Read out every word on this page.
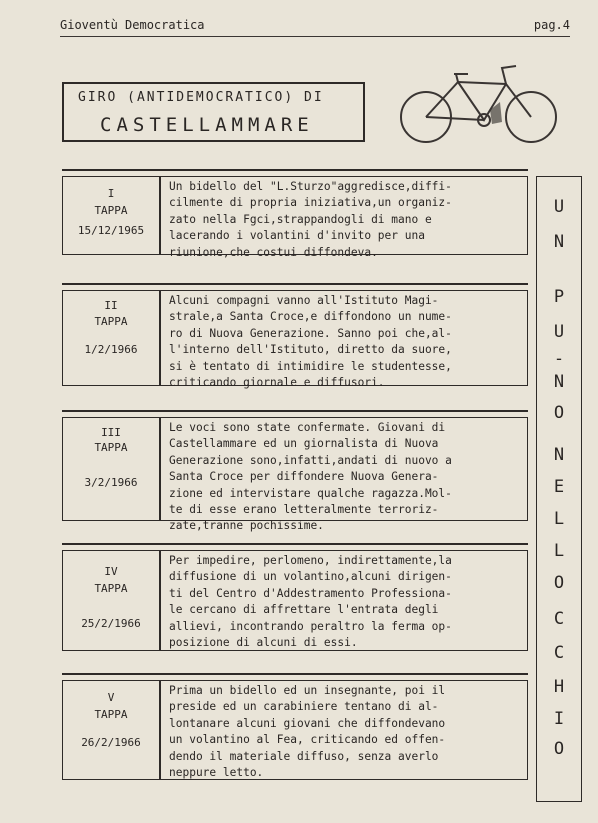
Gioventù Democratica	pag.4
GIRO (ANTIDEMOCRATICO) DI
CASTELLAMMARE
I
TAPPA
15/12/1965
Un bidello del "L.Sturzo"aggredisce,diffi-
cilmente di propria iniziativa,un organiz-
zato nella Fgci,strappandogli di mano e
lacerando i volantini d'invito per una
riunione,che costui diffondeva.
II
TAPPA
1/2/1966
Alcuni compagni vanno all'Istituto Magi-
strale,a Santa Croce,e diffondono un nume-
ro di Nuova Generazione. Sanno poi che,al-
l'interno dell'Istituto, diretto da suore,
si è tentato di intimidire le studentesse,
criticando giornale e diffusori.
III
TAPPA
3/2/1966
Le voci sono state confermate. Giovani di
Castellammare ed un giornalista di Nuova
Generazione sono,infatti,andati di nuovo a
Santa Croce per diffondere Nuova Genera-
zione ed intervistare qualche ragazza.Mol-
te di esse erano letteralmente terroriz-
zate,tranne pochissime.
IV
TAPPA
25/2/1966
Per impedire, perlomeno, indirettamente,la
diffusione di un volantino,alcuni dirigen-
ti del Centro d'Addestramento Professiona-
le cercano di affrettare l'entrata degli
allievi, incontrando peraltro la ferma op-
posizione di alcuni di essi.
V
TAPPA
26/2/1966
Prima un bidello ed un insegnante, poi il
preside ed un carabiniere tentano di al-
lontanare alcuni giovani che diffondevano
un volantino al Fea, criticando ed offen-
dendo il materiale diffuso, senza averlo
neppure letto.
U
N
P
U
-
N
O
N
E
L
L
O
C
C
H
I
O
